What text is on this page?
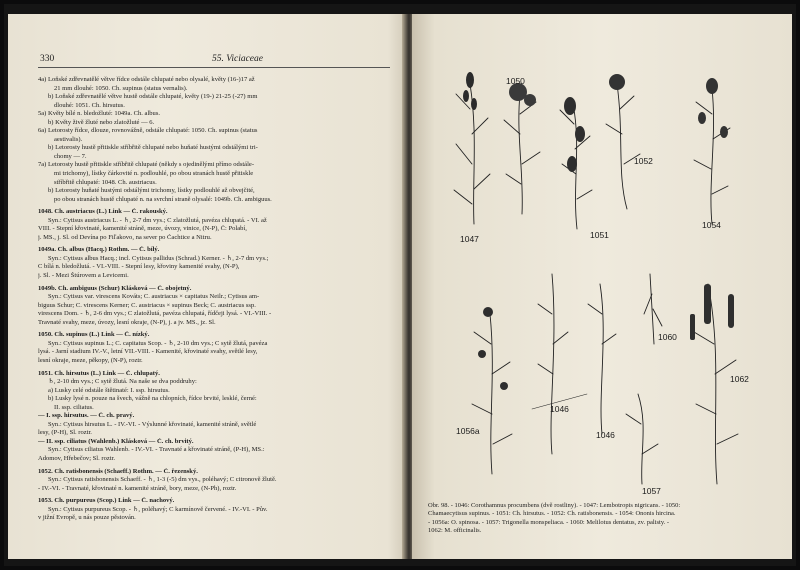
330	55. Viciaceae
4a) Loňské zdřevnatělé větve řídce odstále chlupaté nebo olysalé, květy (16-)17 až
21 mm dlouhé: 1050. Ch. supinus (status vernalis).
b) Loňské zdřevnatělé větve hustě odstále chlupaté, květy (19-) 21-25 (-27) mm
dlouhé: 1051. Ch. hirsutus.
5a) Květy bílé n. bledožluté: 1049a. Ch. albus.
b) Květy živě žluté nebo zlatožluté — 6.
6a) Letorosty řídce, dlouze, rovnovážně, odstále chlupaté: 1050. Ch. supinus (status
aestivalis).
b) Letorosty hustě přitiskle stříbřitě chlupaté nebo huňaté hustými odstálými tri-
chomy — 7.
7a) Letorosty hustě přitiskle stříbřitě chlupaté (někdy s ojedinělými přímo odstále-
mi trichomy), lístky čárkovité n. podlouhlé, po obou stranách hustě přitiskle
stříbřitě chlupaté: 1048. Ch. austriacus.
b) Letorosty huňaté hustými odstálými trichomy, lístky podlouhlé až obvejčité,
po obou stranách hustě chlupaté n. na svrchní straně olysalé: 1049b. Ch. ambiguus.
1048. Ch. austriacus (L.) Link — Č. rakouský.
Syn.: Cytisus austriacus L. - ♄, 2-7 dm vys.; C zlatožlutá, pavéza chlupatá. - VI. až
VIII. - Stepní křovinaté, kamenité stráně, meze, úvozy, vinice, (N-P), Č: Polabí,
j. MS., j. Sl. od Devína po Fiľakovo, na sever po Čachtice a Nitru.
1049a. Ch. albus (Hacq.) Rothm. — Č. bílý.
Syn.: Cytisus albus Hacq.; incl. Cytisus pallidus (Schrad.) Kerner. - ♄, 2-7 dm vys.;
C bílá n. bledožlutá. - VI.-VIII. - Stepní lesy, křoviny kamenité svahy, (N-P),
j. Sl. - Mezi Štúrovem a Levicemi.
1049b. Ch. ambiguus (Schur) Klásková — Č. obojetný.
Syn.: Cytisus var. virescens Kováts; C. austriacus × capitatus Neilr.; Cytisus am-
biguus Schur; C. virescens Kerner; C. austriacus × supinus Beck; C. austriacus ssp.
virescens Dom. - ♄, 2-6 dm vys.; C zlatožlutá, pavéza chlupatá, řídčeji lysá. - VI.-VIII. -
Travnaté svahy, meze, úvozy, lesní okraje, (N-P), j. a jv. MS., jz. Sl.
1050. Ch. supinus (L.) Link — Č. nízký.
Syn.: Cytisus supinus L.; C. capitatus Scop. - ♄, 2-10 dm vys.; C sytě žlutá, pavéza
lysá. - Jarní stadium IV.-V., letní VII.-VIII. - Kamenité, křovinaté svahy, světlé lesy,
lesní okraje, meze, pěkopy, (N-P), roztr.
1051. Ch. hirsutus (L.) Link — Č. chlupatý.
♄, 2-10 dm vys.; C sytě žlutá. Na naše se dva poddruhy:
a) Lusky celé odstále štětinaté: I. ssp. hirsutus.
b) Lusky lysé n. pouze na švech, vážně na chlopních, řídce brvité, lesklé, černé:
II. ssp. ciliatus.
— I. ssp. hirsutus. — Č. ch. pravý.
Syn.: Cytisus hirsutus L. - IV.-VI. - Výslunné křovinaté, kamenité stráně, světlé
lesy, (P-H), Sl. roztr.
— II. ssp. ciliatus (Wahlenb.) Klásková — Č. ch. brvitý.
Syn.: Cytisus ciliatus Wahlenb. - IV.-VI. - Travnaté a křovinaté stráně, (P-H), MS.:
Adomov, Hřebečov; Sl. roztr.
1052. Ch. ratisbonensis (Schaeff.) Rothm. — Č. řezenský.
Syn.: Cytisus ratisbonensis Schaeff. - ♄, 1-3 (-5) dm vys., poléhavý; C citronově žlutě.
- IV.-VI. - Travnaté, křovinaté n. kamenité stráně, bory, meze, (N-Ph), roztr.
1053. Ch. purpureus (Scop.) Link — Č. nachový.
Syn.: Cytisus purpureus Scop. - ♄, poléhavý; C karmínově červené. - IV.-VI. - Pův.
v jižní Evropě, u nás pouze pěstován.
1050
1047	1051
1052
1054
1060
1062
1056a
1046
1046
1057
Obr. 98. - 1046: Corothamnus procumbens (dvě rostliny). - 1047: Lembotropis nigricans. - 1050:
Chamaecytisus supinus. - 1051: Ch. hirsutus. - 1052: Ch. ratisbonensis. - 1054: Ononis hircina.
- 1056a: O. spinosa. - 1057: Trigonella monspeliaca. - 1060: Melilotus dentatus, zv. palisty. -
1062: M. officinalis.
